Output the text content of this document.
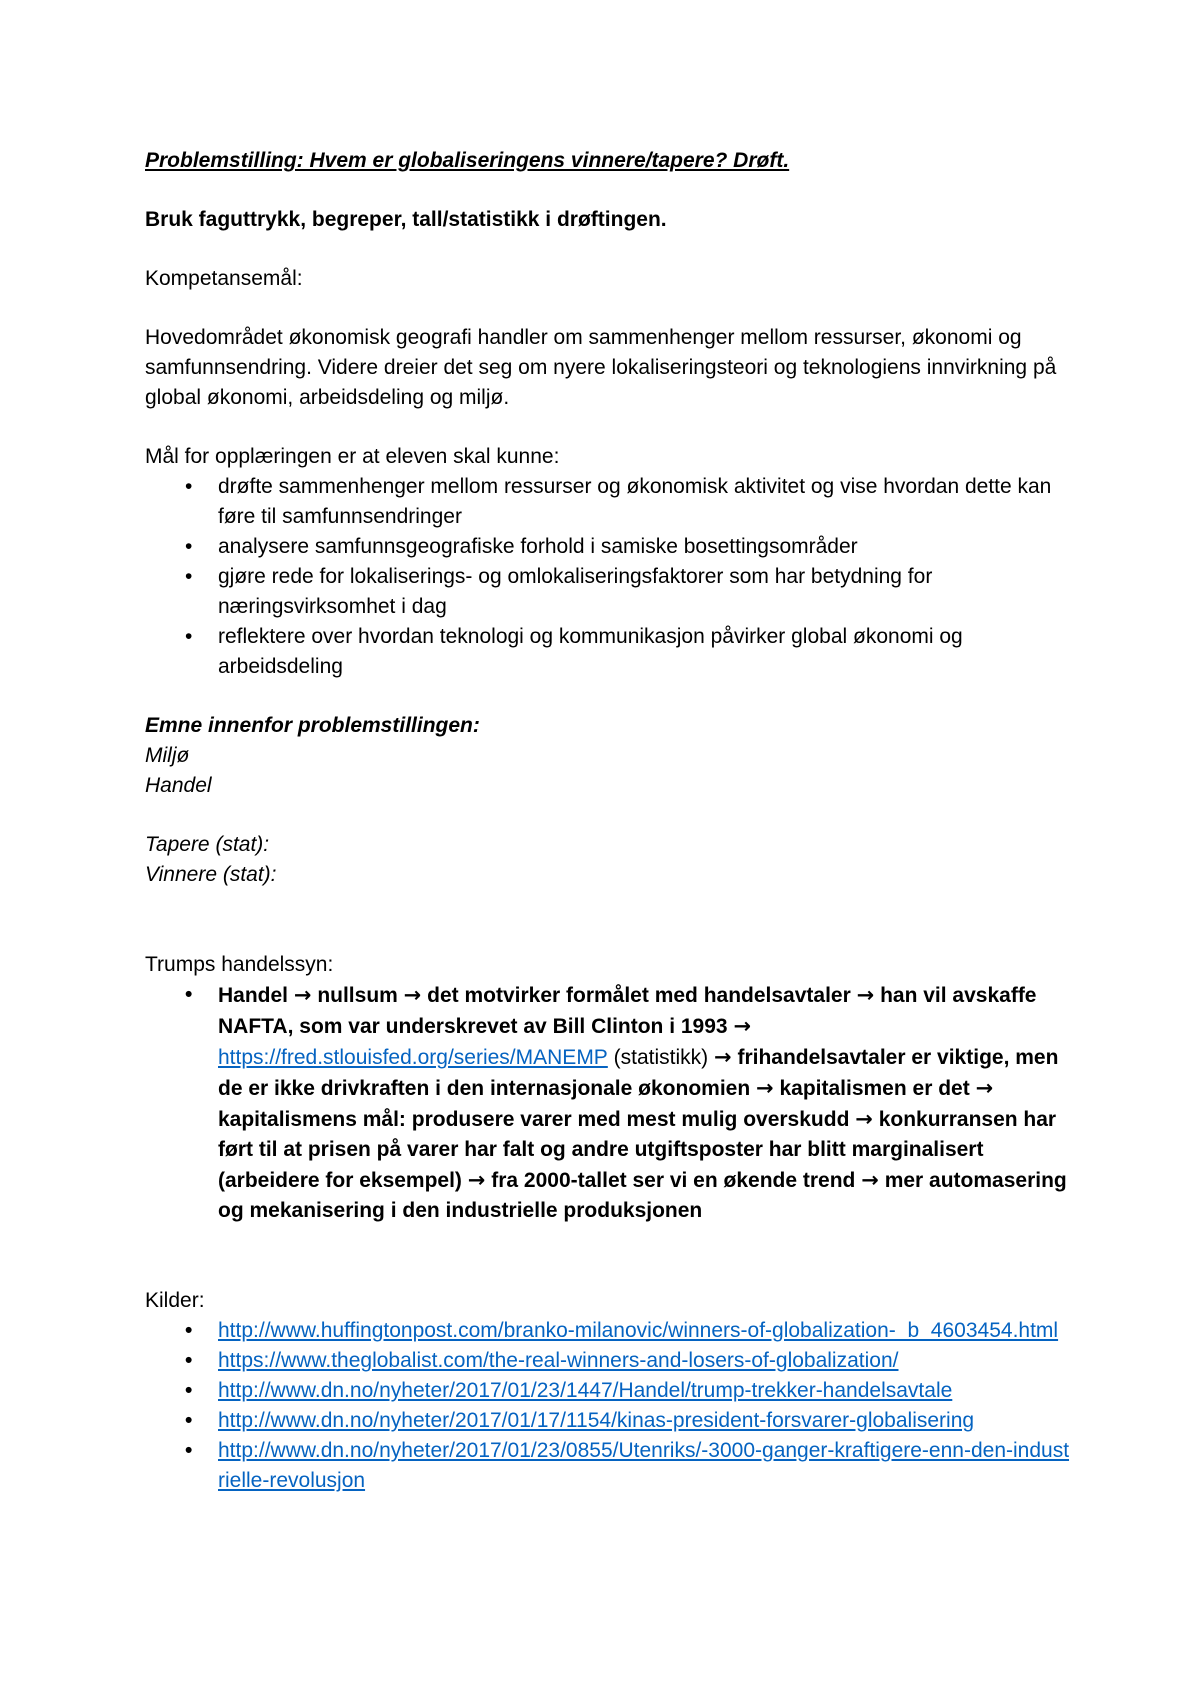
Problemstilling: Hvem er globaliseringens vinnere/tapere? Drøft.

Bruk faguttrykk, begreper, tall/statistikk i drøftingen.

Kompetansemål:

Hovedområdet økonomisk geografi handler om sammenhenger mellom ressurser, økonomi og samfunnsendring. Videre dreier det seg om nyere lokaliseringsteori og teknologiens innvirkning på global økonomi, arbeidsdeling og miljø.

Mål for opplæringen er at eleven skal kunne:

• drøfte sammenhenger mellom ressurser og økonomisk aktivitet og vise hvordan dette kan føre til samfunnsendringer
• analysere samfunnsgeografiske forhold i samiske bosettingsområder
• gjøre rede for lokaliserings- og omlokaliseringsfaktorer som har betydning for næringsvirksomhet i dag
• reflektere over hvordan teknologi og kommunikasjon påvirker global økonomi og arbeidsdeling

Emne innenfor problemstillingen:

Miljø

Handel

Tapere (stat):

Vinnere (stat):

Trumps handelssyn:

• Handel → nullsum → det motvirker formålet med handelsavtaler → han vil avskaffe NAFTA, som var underskrevet av Bill Clinton i 1993 → https://fred.stlouisfed.org/series/MANEMP (statistikk) → frihandelsavtaler er viktige, men de er ikke drivkraften i den internasjonale økonomien → kapitalismen er det → kapitalismens mål: produsere varer med mest mulig overskudd → konkurransen har ført til at prisen på varer har falt og andre utgiftsposter har blitt marginalisert (arbeidere for eksempel) → fra 2000-tallet ser vi en økende trend → mer automasering og mekanisering i den industrielle produksjonen

Kilder:

• http://www.huffingtonpost.com/branko-milanovic/winners-of-globalization-_b_4603454.html
• https://www.theglobalist.com/the-real-winners-and-losers-of-globalization/
• http://www.dn.no/nyheter/2017/01/23/1447/Handel/trump-trekker-handelsavtale
• http://www.dn.no/nyheter/2017/01/17/1154/kinas-president-forsvarer-globalisering
• http://www.dn.no/nyheter/2017/01/23/0855/Utenriks/-3000-ganger-kraftigere-enn-den-industrielle-revolusjon
